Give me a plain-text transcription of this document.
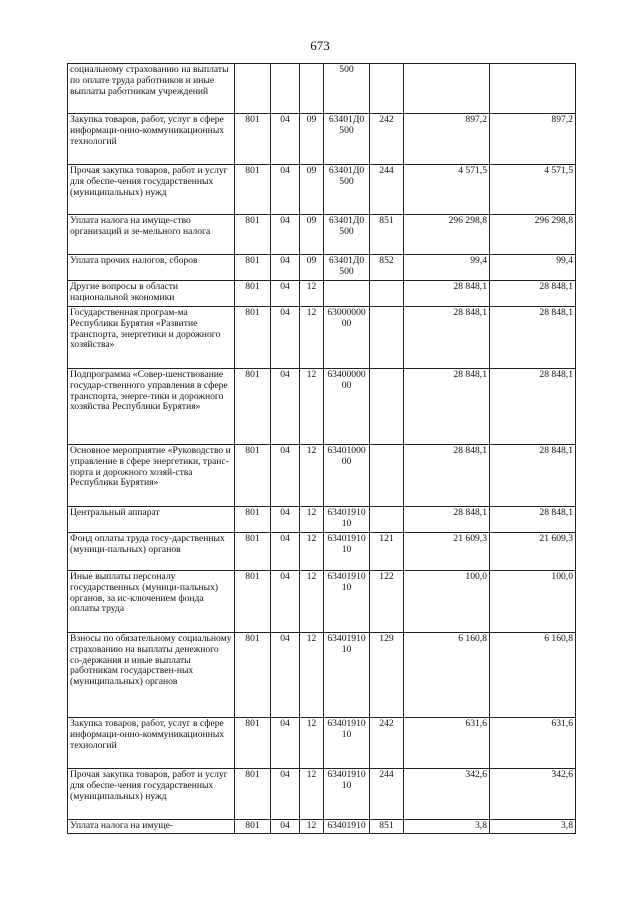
673
социальному страхованию на выплаты по оплате труда работников и иные выплаты работникам учреждений				500			
Закупка товаров, работ, услуг в сфере информаци-онно-коммуникационных технологий	801	04	09	63401Д0 500	242	897,2	897,2
Прочая закупка товаров, работ и услуг для обеспе-чения государственных (муниципальных) нужд	801	04	09	63401Д0 500	244	4 571,5	4 571,5
Уплата налога на имуще-ство организаций и зе-мельного налога	801	04	09	63401Д0 500	851	296 298,8	296 298,8
Уплата прочих налогов, сборов	801	04	09	63401Д0 500	852	99,4	99,4
Другие вопросы в области национальной экономики	801	04	12			28 848,1	28 848,1
Государственная програм-ма Республики Бурятия «Развитие транспорта, энергетики и дорожного хозяйства»	801	04	12	63000000 00		28 848,1	28 848,1
Подпрограмма «Совер-шенствование государ-ственного управления в сфере транспорта, энерге-тики и дорожного хозяйства Республики Бурятия»	801	04	12	63400000 00		28 848,1	28 848,1
Основное мероприятие «Руководство и управление в сфере энергетики, транс-порта и дорожного хозяй-ства Республики Бурятия»	801	04	12	63401000 00		28 848,1	28 848,1
Центральный аппарат	801	04	12	63401910 10		28 848,1	28 848,1
Фонд оплаты труда госу-дарственных (муници-пальных) органов	801	04	12	63401910 10	121	21 609,3	21 609,3
Иные выплаты персоналу государственных (муници-пальных) органов, за ис-ключением фонда оплаты труда	801	04	12	63401910 10	122	100,0	100,0
Взносы по обязательному социальному страхованию на выплаты денежного со-держания и иные выплаты работникам государствен-ных (муниципальных) органов	801	04	12	63401910 10	129	6 160,8	6 160,8
Закупка товаров, работ, услуг в сфере информаци-онно-коммуникационных технологий	801	04	12	63401910 10	242	631,6	631,6
Прочая закупка товаров, работ и услуг для обеспе-чения государственных (муниципальных) нужд	801	04	12	63401910 10	244	342,6	342,6
Уплата налога на имуще-	801	04	12	63401910	851	3,8	3,8
